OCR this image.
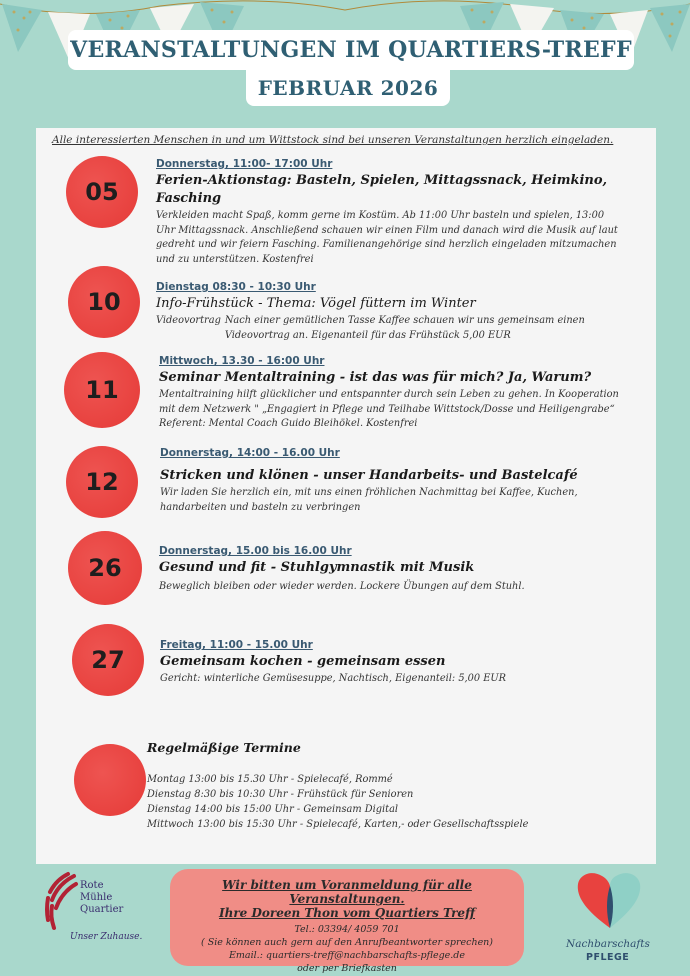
VERANSTALTUNGEN IM QUARTIERS-TREFF
FEBRUAR 2026
Alle interessierten Menschen in und um Wittstock sind bei unseren Veranstaltungen herzlich eingeladen.
05
Donnerstag, 11:00- 17:00 Uhr
Ferien-Aktionstag: Basteln, Spielen, Mittagssnack, Heimkino, Fasching
Verkleiden macht Spaß, komm gerne im Kostüm. Ab 11:00 Uhr basteln und spielen, 13:00 Uhr Mittagssnack. Anschließend schauen wir einen Film und danach wird die Musik auf laut gedreht und wir feiern Fasching. Familienangehörige sind herzlich eingeladen mitzumachen und zu unterstützen. Kostenfrei
10
Dienstag 08:30 - 10:30 Uhr
Info-Frühstück - Thema: Vögel füttern im Winter
Videovortrag Nach einer gemütlichen Tasse Kaffee schauen wir uns gemeinsam einen Videovortrag an. Eigenanteil für das Frühstück 5,00 EUR
11
Mittwoch, 13.30 - 16:00 Uhr
Seminar Mentaltraining - ist das was für mich? Ja, Warum?
Mentaltraining hilft glücklicher und entspannter durch sein Leben zu gehen. In Kooperation mit dem Netzwerk " „Engagiert in Pflege und Teilhabe Wittstock/Dosse und Heiligengrabe“ Referent: Mental Coach Guido Bleihökel. Kostenfrei
12
Donnerstag, 14:00 - 16.00 Uhr
Stricken und klönen - unser Handarbeits- und Bastelcafé
Wir laden Sie herzlich ein, mit uns einen fröhlichen Nachmittag bei Kaffee, Kuchen, handarbeiten und basteln zu verbringen
26
Donnerstag, 15.00 bis 16.00 Uhr
Gesund und fit - Stuhlgymnastik mit Musik
Beweglich bleiben oder wieder werden. Lockere Übungen auf dem Stuhl.
27
Freitag, 11:00 - 15.00 Uhr
Gemeinsam kochen - gemeinsam essen
Gericht: winterliche Gemüsesuppe, Nachtisch, Eigenanteil: 5,00 EUR
Regelmäßige Termine
Montag 13:00 bis 15.30 Uhr - Spielecafé, Rommé
Dienstag 8:30 bis 10:30 Uhr - Frühstück für Senioren
Dienstag 14:00 bis 15:00 Uhr - Gemeinsam Digital
Mittwoch 13:00 bis 15:30 Uhr - Spielecafé, Karten,- oder Gesellschaftsspiele
Wir bitten um Voranmeldung für alle Veranstaltungen.
Ihre Doreen Thon vom Quartiers Treff
Tel.: 03394/ 4059 701
( Sie können auch gern auf den Anrufbeantworter sprechen)
Email.: quartiers-treff@nachbarschafts-pflege.de
oder per Briefkasten
Rote
Mühle
Quartier
Unser Zuhause.
Nachbarschafts
PFLEGE
